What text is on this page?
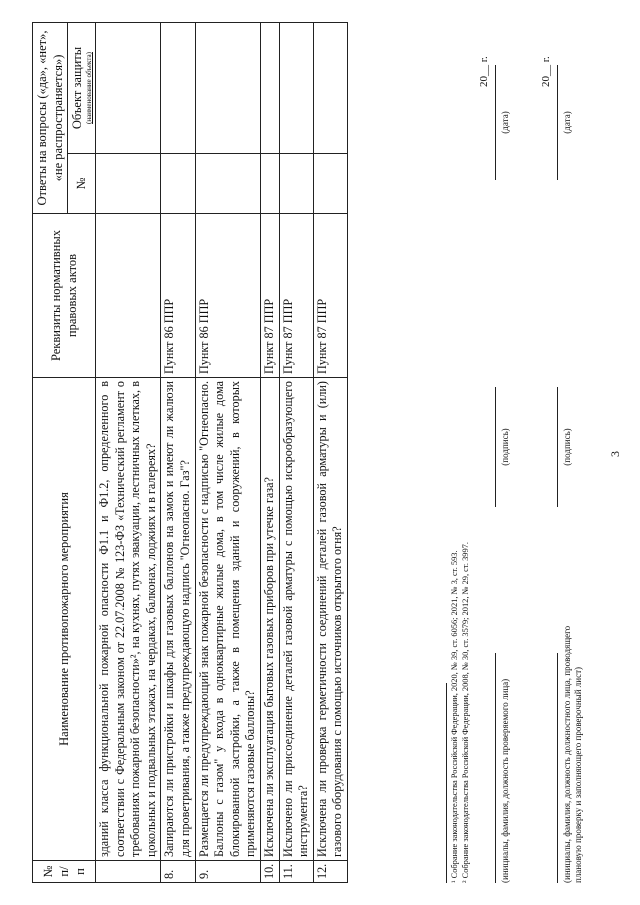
3
№ п/п	Наименование противопожарного мероприятия	Реквизиты нормативных правовых актов	Ответы на вопросы («да», «нет», «не распространяется»)	
			№	Объект защиты (наименование объекта)

	зданий класса функциональной пожарной опасности Ф1.1 и Ф1.2, определенного в соответствии с Федеральным законом от 22.07.2008 № 123-ФЗ «Технический регламент о требованиях пожарной безопасности»², на кухнях, путях эвакуации, лестничных клетках, в цокольных и подвальных этажах, на чердаках, балконах, лоджиях и в галереях?			
8.	Запираются ли пристройки и шкафы для газовых баллонов на замок и имеют ли жалюзи для проветривания, а также предупреждающую надпись "Огнеопасно. Газ"?	Пункт 86 ППР		
9.	Размещается ли предупреждающий знак пожарной безопасности с надписью "Огнеопасно. Баллоны с газом" у входа в одноквартирные жилые дома, в том числе жилые дома блокированной застройки, а также в помещения зданий и сооружений, в которых применяются газовые баллоны?	Пункт 86 ППР		
10.	Исключена ли эксплуатация бытовых газовых приборов при утечке газа?	Пункт 87 ППР		
11.	Исключено ли присоединение деталей газовой арматуры с помощью искрообразующего инструмента?	Пункт 87 ППР		
12.	Исключена ли проверка герметичности соединений деталей газовой арматуры и (или) газового оборудования с помощью источников открытого огня?	Пункт 87 ППР		
¹ Собрание законодательства Российской Федерации, 2020, № 39, ст. 6056; 2021, № 3, ст. 593. ² Собрание законодательства Российской Федерации, 2008, № 30, ст. 3579; 2012, № 29, ст. 3997.	(инициалы, фамилия, должность проверяемого лица)
(подпись)
(дата)
20__ г.
(инициалы, фамилия, должность должностного лица, проводящего плановую проверку и заполняющего проверочный лист)
(подпись)
(дата)
20__ г.
